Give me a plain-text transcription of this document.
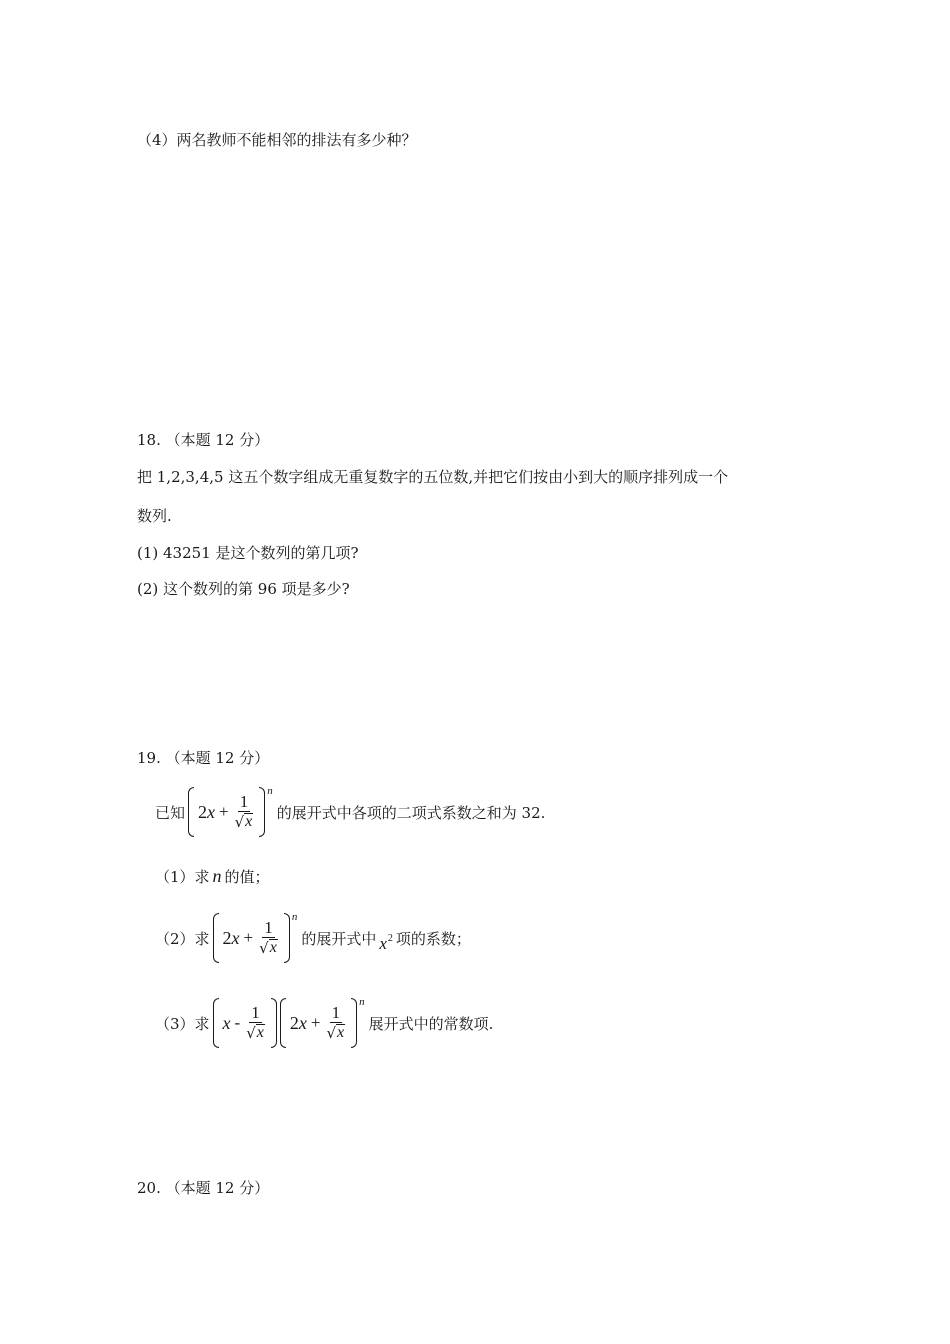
（4）两名教师不能相邻的排法有多少种？
18. （本题 12 分）
把 1,2,3,4,5 这五个数字组成无重复数字的五位数,并把它们按由小到大的顺序排列成一个
数列.
(1) 43251 是这个数列的第几项?
(2) 这个数列的第 96 项是多少?
19. （本题 12 分）
已知 2 $x + \frac{1}{√ x}$
n
的展开式中各项的二项式系数之和为 32.
（1）求 n 的值；
（2）求 2 $x + \frac{1}{√ x}$
n
的展开式中 $x^2$ 项的系数；
（3）求 x - $\frac{1}{√ x} 2$ $x + \frac{1}{√ x}$
n
展开式中的常数项.
20. （本题 12 分）
